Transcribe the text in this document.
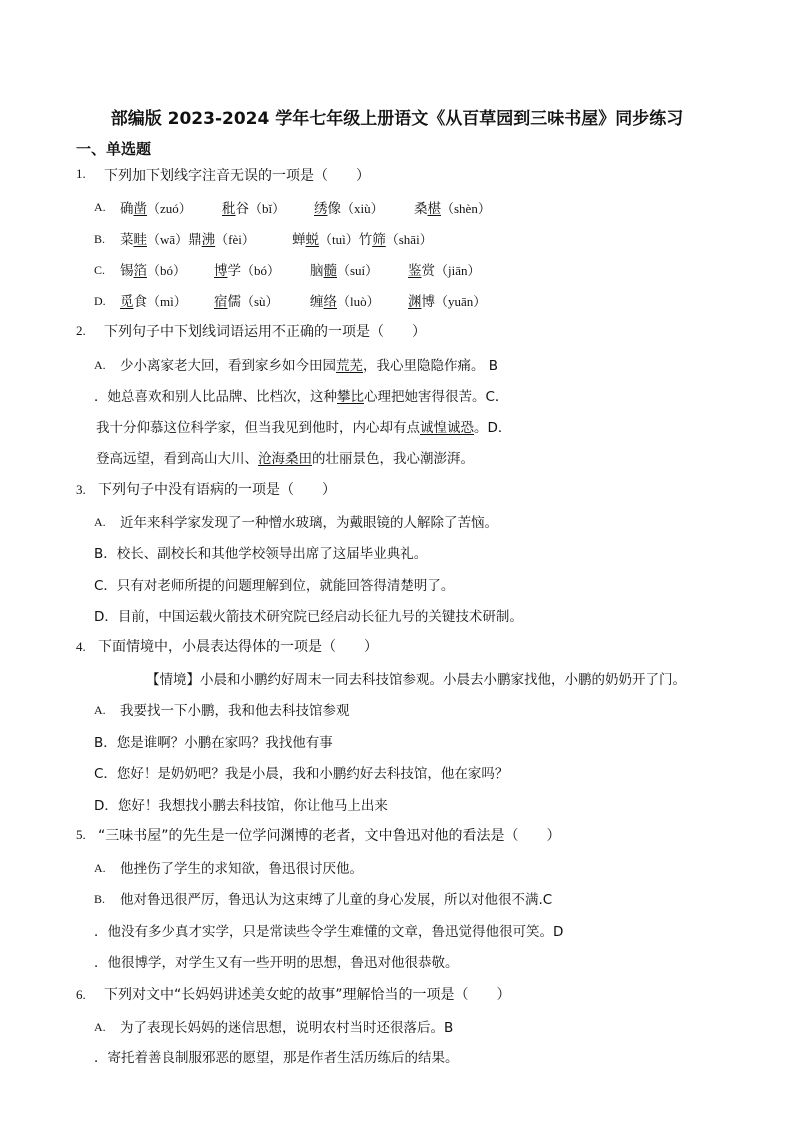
部编版 2023-2024 学年七年级上册语文《从百草园到三味书屋》同步练习
一、单选题
1. 下列加下划线字注音无误的一项是（　　）
A. 确凿（zuó） 秕谷（bǐ） 绣像（xiù） 桑椹（shèn）
B. 菜畦（wā）鼎沸（fèi）	蝉蜕（tuì）竹筛（shāi）
C. 锡箔（bó） 博学（bó） 脑髓（suí） 鉴赏（jiān）
D. 觅食（mì） 宿儒（sù） 缠络（luò） 渊博（yuān）
2. 下列句子中下划线词语运用不正确的一项是（　　）
A. 少小离家老大回，看到家乡如今田园荒芜，我心里隐隐作痛。 B
．她总喜欢和别人比品牌、比档次，这种攀比心理把她害得很苦。C．
我十分仰慕这位科学家，但当我见到他时，内心却有点诚惶诚恐。D．
登高远望，看到高山大川、沧海桑田的壮丽景色，我心潮澎湃。
3. 下列句子中没有语病的一项是（　　）
A. 近年来科学家发现了一种憎水玻璃，为戴眼镜的人解除了苦恼。
B．校长、副校长和其他学校领导出席了这届毕业典礼。
C．只有对老师所提的问题理解到位，就能回答得清楚明了。
D．目前，中国运载火箭技术研究院已经启动长征九号的关键技术研制。
4. 下面情境中，小晨表达得体的一项是（　　）
【情境】小晨和小鹏约好周末一同去科技馆参观。小晨去小鹏家找他，小鹏的奶奶开了门。
A. 我要找一下小鹏，我和他去科技馆参观
B．您是谁啊？小鹏在家吗？我找他有事
C．您好！是奶奶吧？我是小晨，我和小鹏约好去科技馆，他在家吗？
D．您好！我想找小鹏去科技馆，你让他马上出来
5. “三味书屋”的先生是一位学问渊博的老者，文中鲁迅对他的看法是（　　）
A. 他挫伤了学生的求知欲，鲁迅很讨厌他。
B. 他对鲁迅很严厉，鲁迅认为这束缚了儿童的身心发展，所以对他很不满.C
．他没有多少真才实学，只是常读些令学生难懂的文章，鲁迅觉得他很可笑。D
．他很博学，对学生又有一些开明的思想，鲁迅对他很恭敬。
6. 下列对文中“长妈妈讲述美女蛇的故事”理解恰当的一项是（　　）
A. 为了表现长妈妈的迷信思想，说明农村当时还很落后。B
．寄托着善良制服邪恶的愿望，那是作者生活历练后的结果。
